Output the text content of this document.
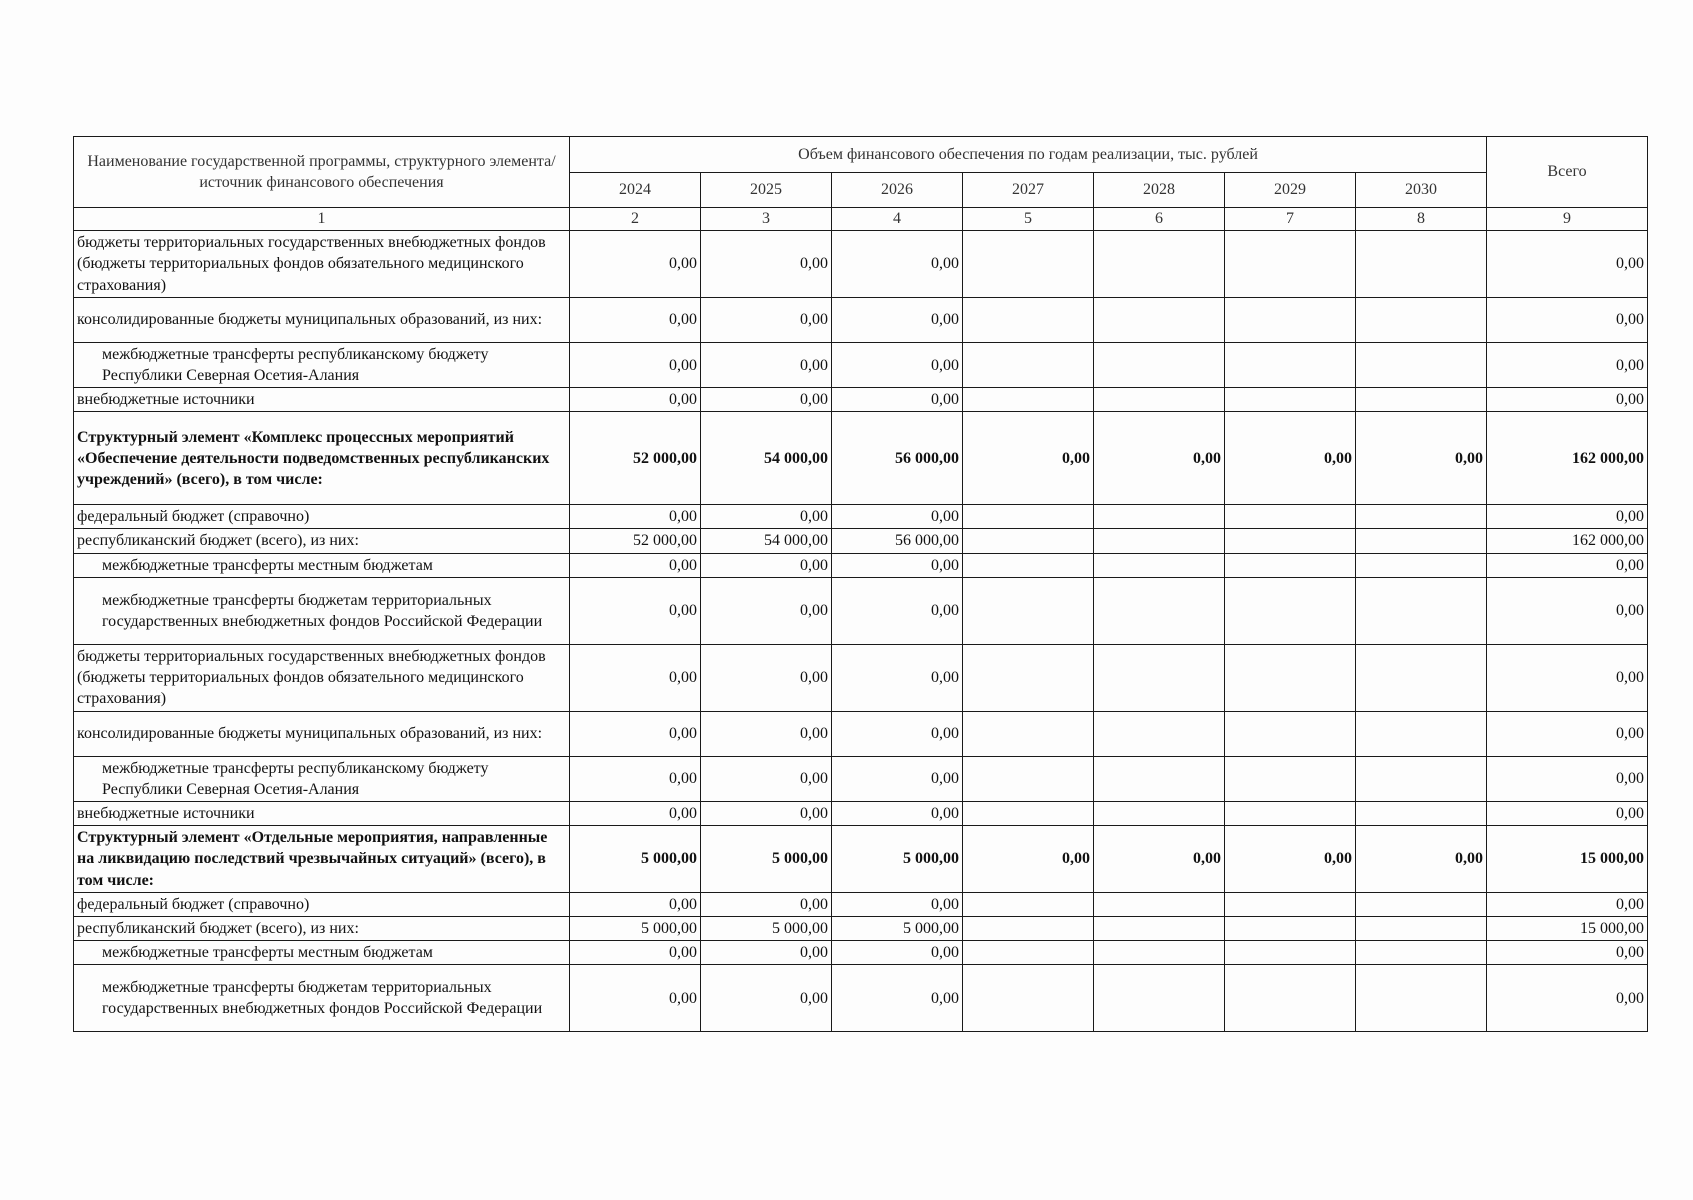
Наименование государственной программы, структурного элемента/источник финансового обеспечения	Объем финансового обеспечения по годам реализации, тыс. рублей							Всего
	2024	2025	2026	2027	2028	2029	2030	
1	2	3	4	5	6	7	8	9
бюджеты территориальных государственных внебюджетных фондов (бюджеты территориальных фондов обязательного медицинского страхования)	0,00	0,00	0,00					0,00
консолидированные бюджеты муниципальных образований, из них:	0,00	0,00	0,00					0,00
межбюджетные трансферты республиканскому бюджету Республики Северная Осетия-Алания	0,00	0,00	0,00					0,00
внебюджетные источники	0,00	0,00	0,00					0,00
Структурный элемент «Комплекс процессных мероприятий «Обеспечение деятельности подведомственных республиканских учреждений» (всего), в том числе:	52 000,00	54 000,00	56 000,00	0,00	0,00	0,00	0,00	162 000,00
федеральный бюджет (справочно)	0,00	0,00	0,00					0,00
республиканский бюджет (всего), из них:	52 000,00	54 000,00	56 000,00					162 000,00
межбюджетные трансферты местным бюджетам	0,00	0,00	0,00					0,00
межбюджетные трансферты бюджетам территориальных государственных внебюджетных фондов Российской Федерации	0,00	0,00	0,00					0,00
бюджеты территориальных государственных внебюджетных фондов (бюджеты территориальных фондов обязательного медицинского страхования)	0,00	0,00	0,00					0,00
консолидированные бюджеты муниципальных образований, из них:	0,00	0,00	0,00					0,00
межбюджетные трансферты республиканскому бюджету Республики Северная Осетия-Алания	0,00	0,00	0,00					0,00
внебюджетные источники	0,00	0,00	0,00					0,00
Структурный элемент «Отдельные мероприятия, направленные на ликвидацию последствий чрезвычайных ситуаций» (всего), в том числе:	5 000,00	5 000,00	5 000,00	0,00	0,00	0,00	0,00	15 000,00
федеральный бюджет (справочно)	0,00	0,00	0,00					0,00
республиканский бюджет (всего), из них:	5 000,00	5 000,00	5 000,00					15 000,00
межбюджетные трансферты местным бюджетам	0,00	0,00	0,00					0,00
межбюджетные трансферты бюджетам территориальных государственных внебюджетных фондов Российской Федерации	0,00	0,00	0,00					0,00
